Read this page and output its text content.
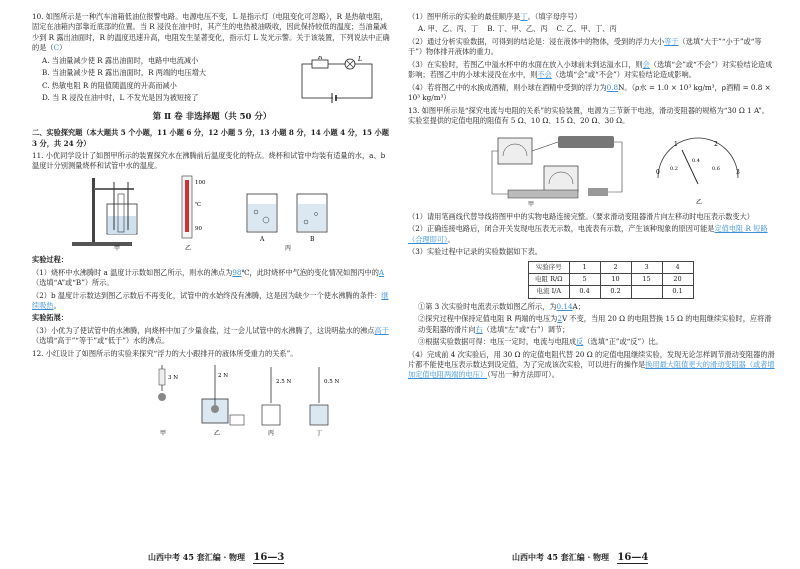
10. 如图所示是一种汽车油箱低油位报警电路。电源电压不变，L 是指示灯（电阻变化可忽略），R 是热敏电阻，固定在油箱内部靠近底部的位置。当 R 浸没在油中时，其产生的电热被油吸收，因此保持较低的温度；当油量减少到 R 露出油面时，R 的温度迅速升高，电阻发生显著变化，指示灯 L 发光示警。关于该装置，下列说法中正确的是（C）

A. 当油量减少使 R 露出油面时，电路中电流减小

B. 当油量减少使 R 露出油面时，R 两端的电压增大

C. 热敏电阻 R 的阻值随温度的升高而减小

D. 当 R 浸没在油中时，L 不发光是因为被短接了

R	L
第 Ⅱ 卷 非选择题（共 50 分）

二、实验探究题（本大题共 5 个小题，11 小题 6 分，12 小题 5 分，13 小题 8 分，14 小题 4 分，15 小题 3 分，共 24 分）

11. 小优同学设计了如图甲所示的装置探究水在沸腾前后温度变化的特点。烧杯和试管中均装有适量的水，a、b 温度计分别测量烧杯和试管中水的温度。

甲
100
℃
90
乙
A	B
丙

实验过程：

（1）烧杯中水沸腾时 a 温度计示数如图乙所示，则水的沸点为98℃，此时烧杯中气泡的变化情况如图丙中的A（选填“A”或“B”）所示。

（2）b 温度计示数达到图乙示数后不再变化，试管中的水始终没有沸腾，这是因为缺少一个使水沸腾的条件：继续吸热。

实验拓展：

（3）小优为了使试管中的水沸腾，向烧杯中加了少量食盐，过一会儿试管中的水沸腾了，这说明盐水的沸点高于（选填“高于”“等于”或“低于”）水的沸点。

12. 小红设计了如图所示的实验来探究“浮力的大小跟排开的液体所受重力的关系”。

3 N
甲
2 N
乙
2.5 N
丙
0.5 N
丁
山西中考 45 套汇编 · 物理 16—3

（1）图甲所示的实验的最佳顺序是丁。（填字母序号）

A. 甲、乙、丙、丁 B. 丁、甲、乙、丙 C. 乙、甲、丁、丙

（2）通过分析实验数据，可得到的结论是：浸在液体中的物体，受到的浮力大小等于（选填“大于”“小于”或“等于”）物体排开液体的重力。

（3）在实验时，若图乙中溢水杯中的水面在放入小球前未到达溢水口，则会（选填“会”或“不会”）对实验结论造成影响；若图乙中的小球未浸没在水中，则不会（选填“会”或“不会”）对实验结论造成影响。

（4）若将图乙中的水换成酒精，则小球在酒精中受到的浮力为0.8N。（ρ水 = 1.0 × 10³ kg/m³，ρ酒精 = 0.8 × 10³ kg/m³）

13. 如图甲所示是“探究电流与电阻的关系”的实验装置，电源为三节新干电池，滑动变阻器的规格为“30 Ω 1 A”。实验室提供的定值电阻的阻值有 5 Ω、10 Ω、15 Ω、20 Ω、30 Ω。

甲
0
1	2
3
0.2
0.4
0.6
乙

（1）请用笔画线代替导线将图甲中的实物电路连接完整。（要求滑动变阻器滑片向左移动时电压表示数变大）

（2）正确连接电路后，闭合开关发现电压表无示数，电流表有示数，产生该种现象的原因可能是定值电阻 R 短路（合理即可）。

（3）实验过程中记录的实验数据如下表。

实验序号	1	2	3	4
电阻 R/Ω	5	10	15	20
电流 I/A	0.4	0.2		0.1

①第 3 次实验时电流表示数如图乙所示，为0.14A；

②探究过程中保持定值电阻 R 两端的电压为2V 不变，当用 20 Ω 的电阻替换 15 Ω 的电阻继续实验时，应将滑动变阻器的滑片向右（选填“左”或“右”）调节；

③根据实验数据可得：电压一定时，电流与电阻成反（选填“正”或“反”）比。

（4）完成前 4 次实验后，用 30 Ω 的定值电阻代替 20 Ω 的定值电阻继续实验，发现无论怎样调节滑动变阻器的滑片都不能使电压表示数达到设定值，为了完成该次实验，可以进行的操作是换用最大阻值更大的滑动变阻器（或者增加定值电阻两端的电压）（写出一种方法即可）。

山西中考 45 套汇编 · 物理 16—4
